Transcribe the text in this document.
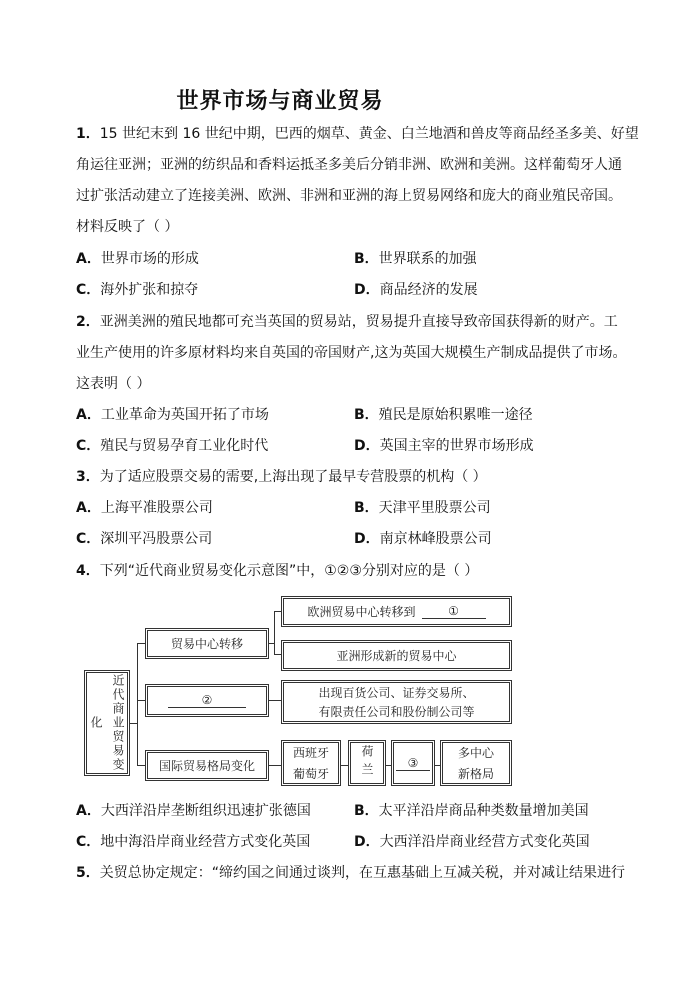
世界市场与商业贸易
1．15 世纪末到 16 世纪中期，巴西的烟草、黄金、白兰地酒和兽皮等商品经圣多美、好望
角运往亚洲；亚洲的纺织品和香料运抵圣多美后分销非洲、欧洲和美洲。这样葡萄牙人通
过扩张活动建立了连接美洲、欧洲、非洲和亚洲的海上贸易网络和庞大的商业殖民帝国。
材料反映了（ ）
A．世界市场的形成	B．世界联系的加强
C．海外扩张和掠夺	D．商品经济的发展
2．亚洲美洲的殖民地都可充当英国的贸易站，贸易提升直接导致帝国获得新的财产。工
业生产使用的许多原材料均来自英国的帝国财产,这为英国大规模生产制成品提供了市场。
这表明（ ）
A．工业革命为英国开拓了市场	B．殖民是原始积累唯一途径
C．殖民与贸易孕育工业化时代	D．英国主宰的世界市场形成
3．为了适应股票交易的需要,上海出现了最早专营股票的机构（ ）
A．上海平准股票公司	B．天津平里股票公司
C．深圳平冯股票公司	D．南京林峰股票公司
4．下列“近代商业贸易变化示意图”中，①②③分别对应的是（ ）
近代商业贸易变化
贸易中心转移
欧洲贸易中心转移到	①
亚洲形成新的贸易中心
②	出现百货公司、证券交易所、
有限责任公司和股份制公司等
国际贸易格局变化
西班牙
葡萄牙	荷兰	③
多中心
新格局
A．大西洋沿岸垄断组织迅速扩张德国	B．太平洋沿岸商品种类数量增加美国
C．地中海沿岸商业经营方式变化英国	D．大西洋沿岸商业经营方式变化英国
5．关贸总协定规定：“缔约国之间通过谈判，在互惠基础上互减关税，并对减让结果进行
